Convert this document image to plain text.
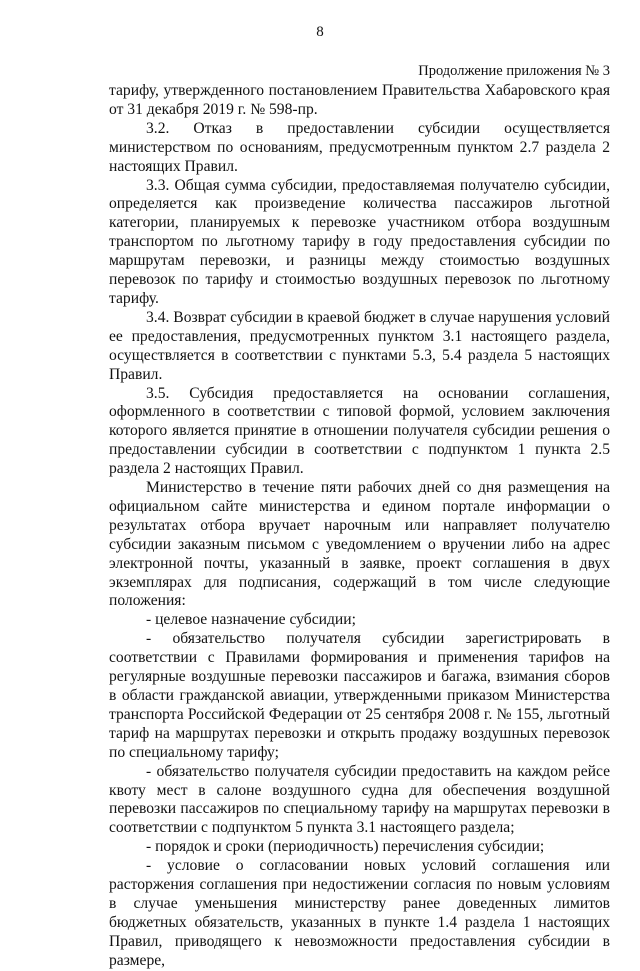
8
Продолжение приложения № 3

тарифу, утвержденного постановлением Правительства Хабаровского края от 31 декабря 2019 г. № 598-пр.

3.2. Отказ в предоставлении субсидии осуществляется министерством по основаниям, предусмотренным пунктом 2.7 раздела 2 настоящих Правил.

3.3. Общая сумма субсидии, предоставляемая получателю субсидии, определяется как произведение количества пассажиров льготной категории, планируемых к перевозке участником отбора воздушным транспортом по льготному тарифу в году предоставления субсидии по маршрутам перевозки, и разницы между стоимостью воздушных перевозок по тарифу и стоимостью воздушных перевозок по льготному тарифу.

3.4. Возврат субсидии в краевой бюджет в случае нарушения условий ее предоставления, предусмотренных пунктом 3.1 настоящего раздела, осуществляется в соответствии с пунктами 5.3, 5.4 раздела 5 настоящих Правил.

3.5. Субсидия предоставляется на основании соглашения, оформленного в соответствии с типовой формой, условием заключения которого является принятие в отношении получателя субсидии решения о предоставлении субсидии в соответствии с подпунктом 1 пункта 2.5 раздела 2 настоящих Правил.

Министерство в течение пяти рабочих дней со дня размещения на официальном сайте министерства и едином портале информации о результатах отбора вручает нарочным или направляет получателю субсидии заказным письмом с уведомлением о вручении либо на адрес электронной почты, указанный в заявке, проект соглашения в двух экземплярах для подписания, содержащий в том числе следующие положения:

- целевое назначение субсидии;

- обязательство получателя субсидии зарегистрировать в соответствии с Правилами формирования и применения тарифов на регулярные воздушные перевозки пассажиров и багажа, взимания сборов в области гражданской авиации, утвержденными приказом Министерства транспорта Российской Федерации от 25 сентября 2008 г. № 155, льготный тариф на маршрутах перевозки и открыть продажу воздушных перевозок по специальному тарифу;

- обязательство получателя субсидии предоставить на каждом рейсе квоту мест в салоне воздушного судна для обеспечения воздушной перевозки пассажиров по специальному тарифу на маршрутах перевозки в соответствии с подпунктом 5 пункта 3.1 настоящего раздела;

- порядок и сроки (периодичность) перечисления субсидии;

- условие о согласовании новых условий соглашения или расторжения соглашения при недостижении согласия по новым условиям в случае уменьшения министерству ранее доведенных лимитов бюджетных обязательств, указанных в пункте 1.4 раздела 1 настоящих Правил, приводящего к невозможности предоставления субсидии в размере,
